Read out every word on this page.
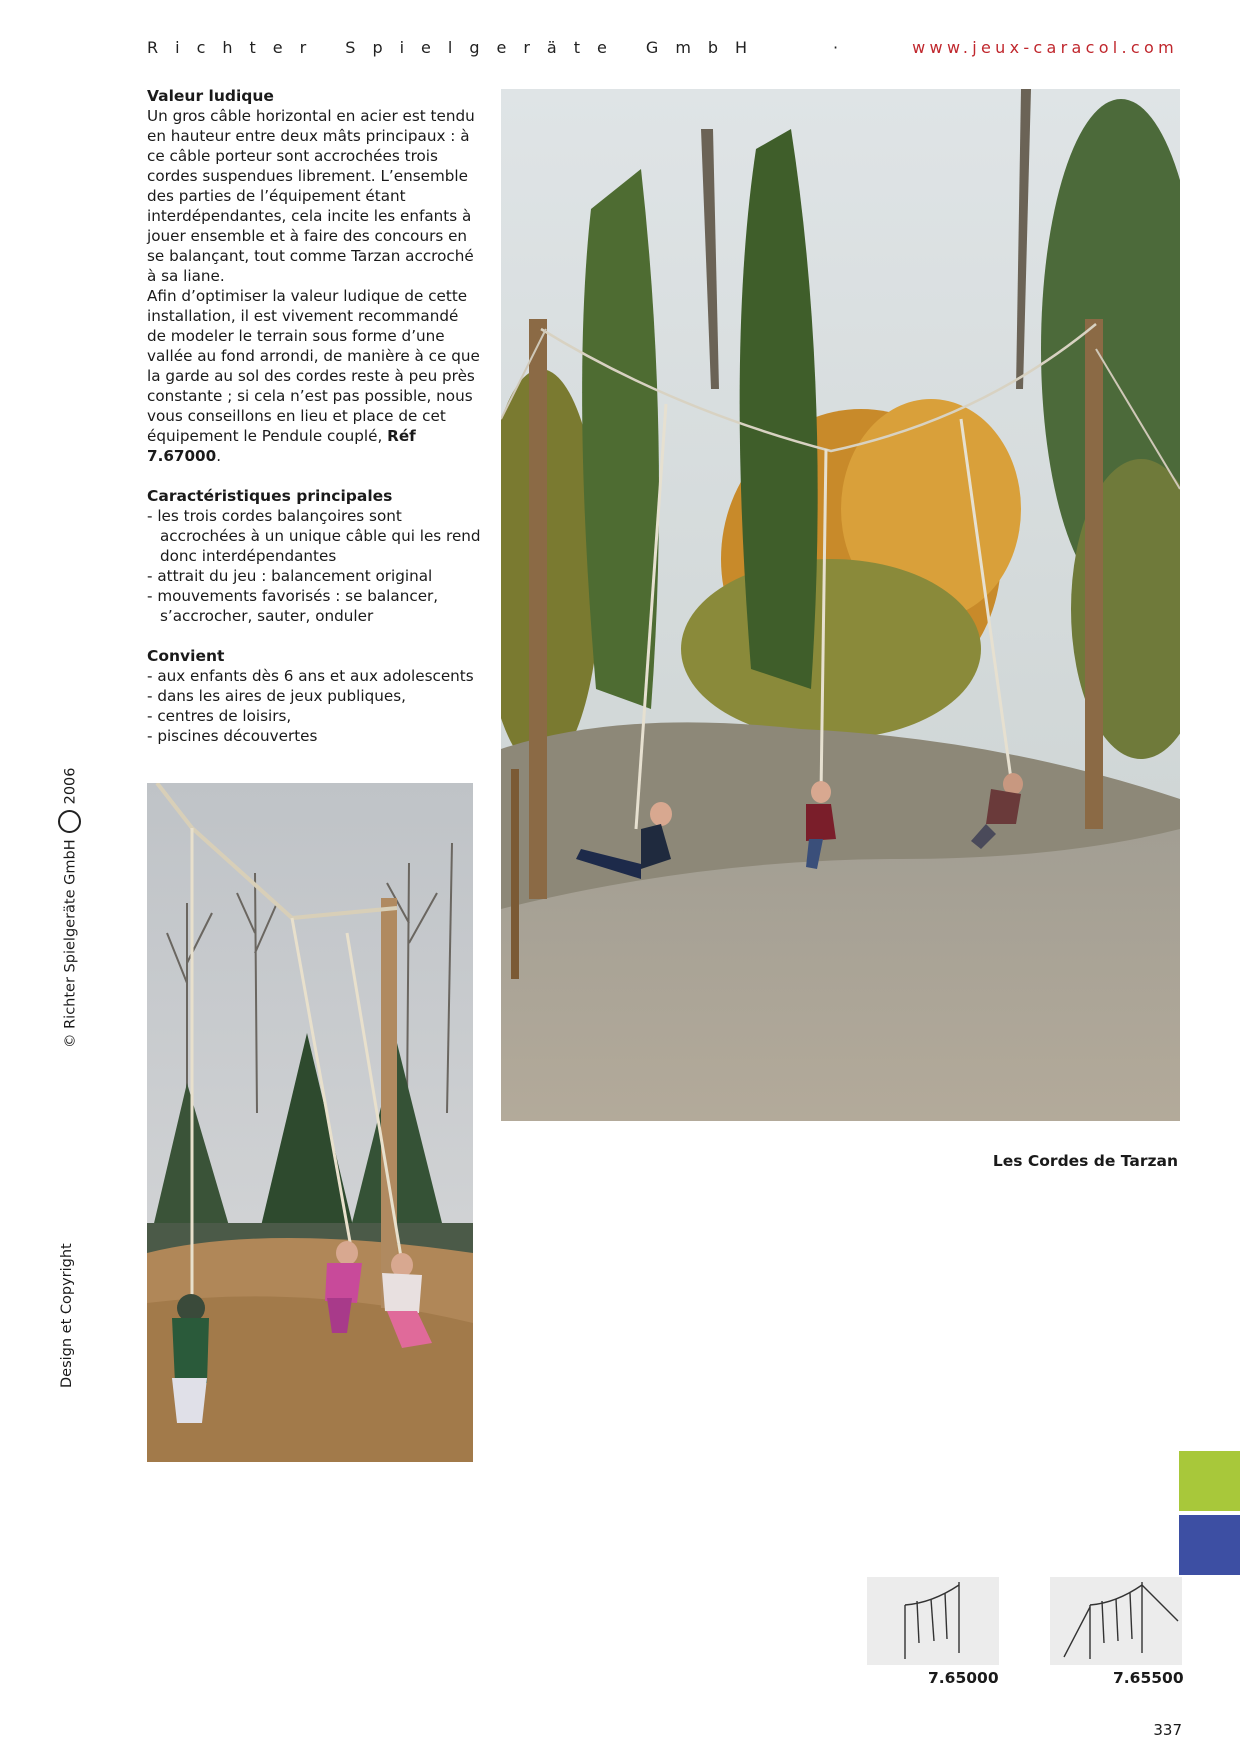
Richter Spielgeräte GmbH	·	www.jeux-caracol.com
Valeur ludique

Un gros câble horizontal en acier est tendu en hauteur entre deux mâts principaux : à ce câble porteur sont accrochées trois cordes suspendues librement. L’ensemble des parties de l’équipement étant interdépendantes, cela incite les enfants à jouer ensemble et à faire des concours en se balançant, tout comme Tarzan accroché à sa liane.

Afin d’optimiser la valeur ludique de cette installation, il est vivement recommandé de modeler le terrain sous forme d’une vallée au fond arrondi, de manière à ce que la garde au sol des cordes reste à peu près constante ; si cela n’est pas possible, nous vous conseillons en lieu et place de cet équipement le Pendule couplé, Réf 7.67000.

Caractéristiques principales
- les trois cordes balançoires sont accrochées à un unique câble qui les rend donc interdépendantes
- attrait du jeu : balancement original
- mouvements favorisés : se balancer, s’accrocher, sauter, onduler
Convient
- aux enfants dès 6 ans et aux adolescents
- dans les aires de jeux publiques,
- centres de loisirs,
- piscines découvertes
Les Cordes de Tarzan
© Richter Spielgeräte GmbH2006
Design et Copyright
7.65000	7.65500
337
